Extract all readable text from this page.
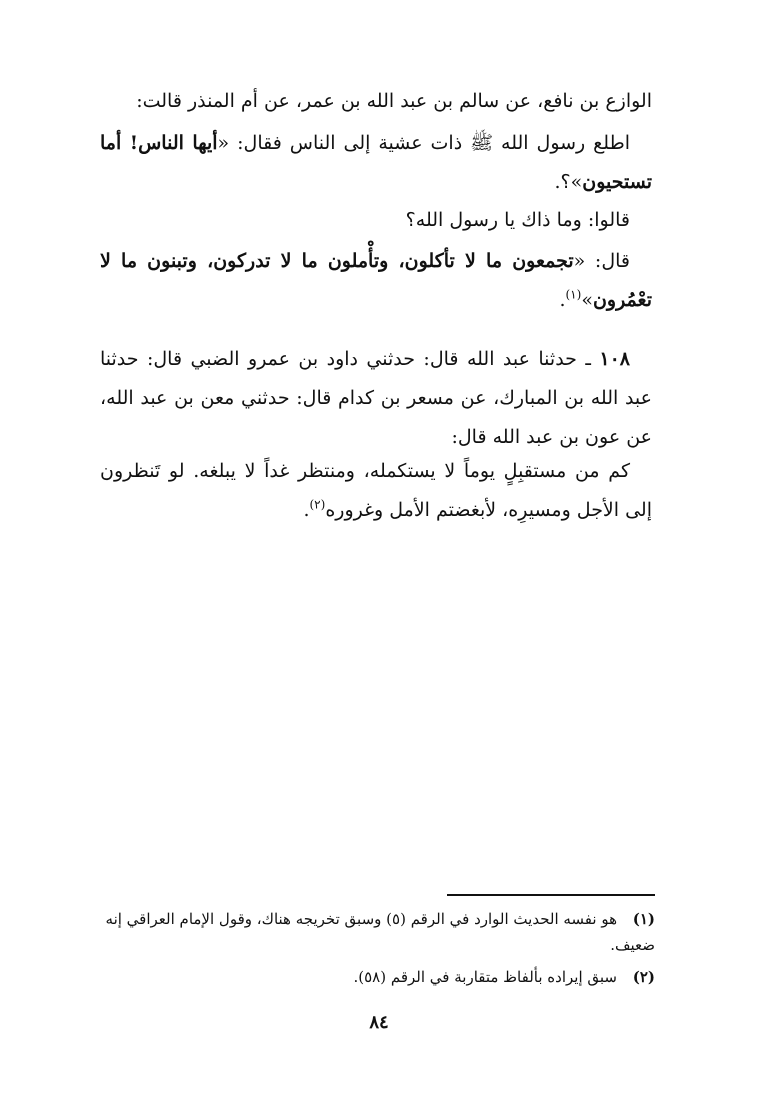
الوازع بن نافع، عن سالم بن عبد الله بن عمر، عن أم المنذر قالت:

اطلع رسول الله ﷺ ذات عشية إلى الناس فقال: «أيها الناس! أما تستحيون»؟.

قالوا: وما ذاك يا رسول الله؟

قال: «تجمعون ما لا تأكلون، وتأْملون ما لا تدركون، وتبنون ما لا تعْمُرون»$^{(١)}$.

١٠٨ ـ حدثنا عبد الله قال: حدثني داود بن عمرو الضبي قال: حدثنا عبد الله بن المبارك، عن مسعر بن كدام قال: حدثني معن بن عبد الله، عن عون بن عبد الله قال:

كم من مستقبِلٍ يوماً لا يستكمله، ومنتظر غداً لا يبلغه. لو تَنظرون إلى الأجل ومسيرِه، لأبغضتم الأمل وغروره$^{(٢)}$.

(١)هو نفسه الحديث الوارد في الرقم (٥) وسبق تخريجه هناك، وقول الإمام العراقي إنه ضعيف.
(٢)سبق إيراده بألفاظ متقاربة في الرقم (٥٨).
٨٤
